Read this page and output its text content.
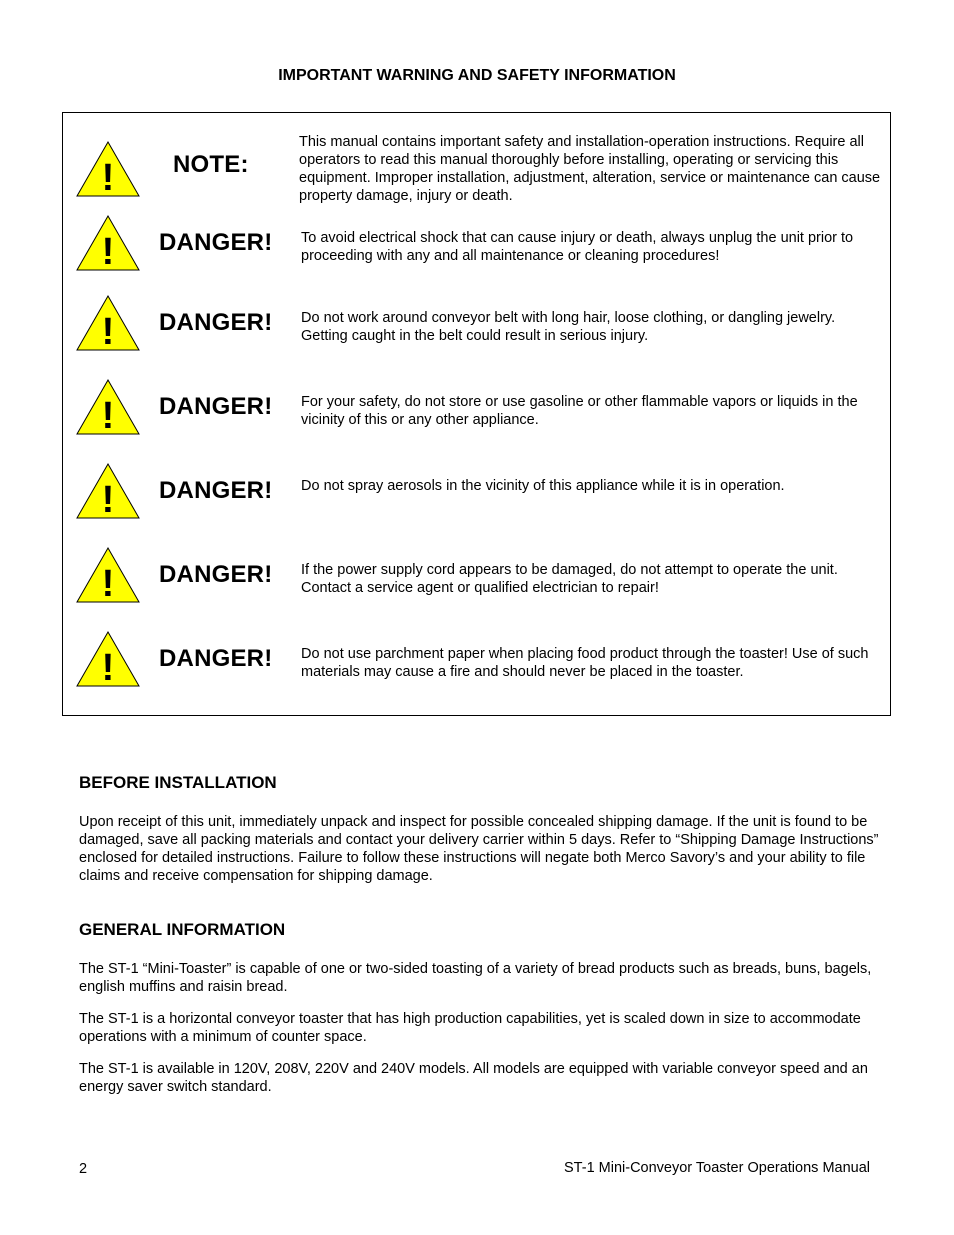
IMPORTANT WARNING AND SAFETY INFORMATION
! NOTE:
This manual contains important safety and installation-operation instructions. Require all operators to read this manual thoroughly before installing, operating or servicing this equipment. Improper installation, adjustment, alteration, service or maintenance can cause property damage, injury or death.
! DANGER! To avoid electrical shock that can cause injury or death, always unplug the unit prior to proceeding with any and all maintenance or cleaning procedures!
! DANGER! Do not work around conveyor belt with long hair, loose clothing, or dangling jewelry. Getting caught in the belt could result in serious injury.
! DANGER! For your safety, do not store or use gasoline or other flammable vapors or liquids in the vicinity of this or any other appliance.
! DANGER! Do not spray aerosols in the vicinity of this appliance while it is in operation.
! DANGER! If the power supply cord appears to be damaged, do not attempt to operate the unit. Contact a service agent or qualified electrician to repair!
! DANGER! Do not use parchment paper when placing food product through the toaster! Use of such materials may cause a fire and should never be placed in the toaster.
BEFORE INSTALLATION
Upon receipt of this unit, immediately unpack and inspect for possible concealed shipping damage. If the unit is found to be damaged, save all packing materials and contact your delivery carrier within 5 days. Refer to “Shipping Damage Instructions” enclosed for detailed instructions. Failure to follow these instructions will negate both Merco Savory’s and your ability to file claims and receive compensation for shipping damage.
GENERAL INFORMATION
The ST-1 “Mini-Toaster” is capable of one or two-sided toasting of a variety of bread products such as breads, buns, bagels, english muffins and raisin bread.
The ST-1 is a horizontal conveyor toaster that has high production capabilities, yet is scaled down in size to accommodate operations with a minimum of counter space.
The ST-1 is available in 120V, 208V, 220V and 240V models. All models are equipped with variable conveyor speed and an energy saver switch standard.
2	ST-1 Mini-Conveyor Toaster Operations Manual
